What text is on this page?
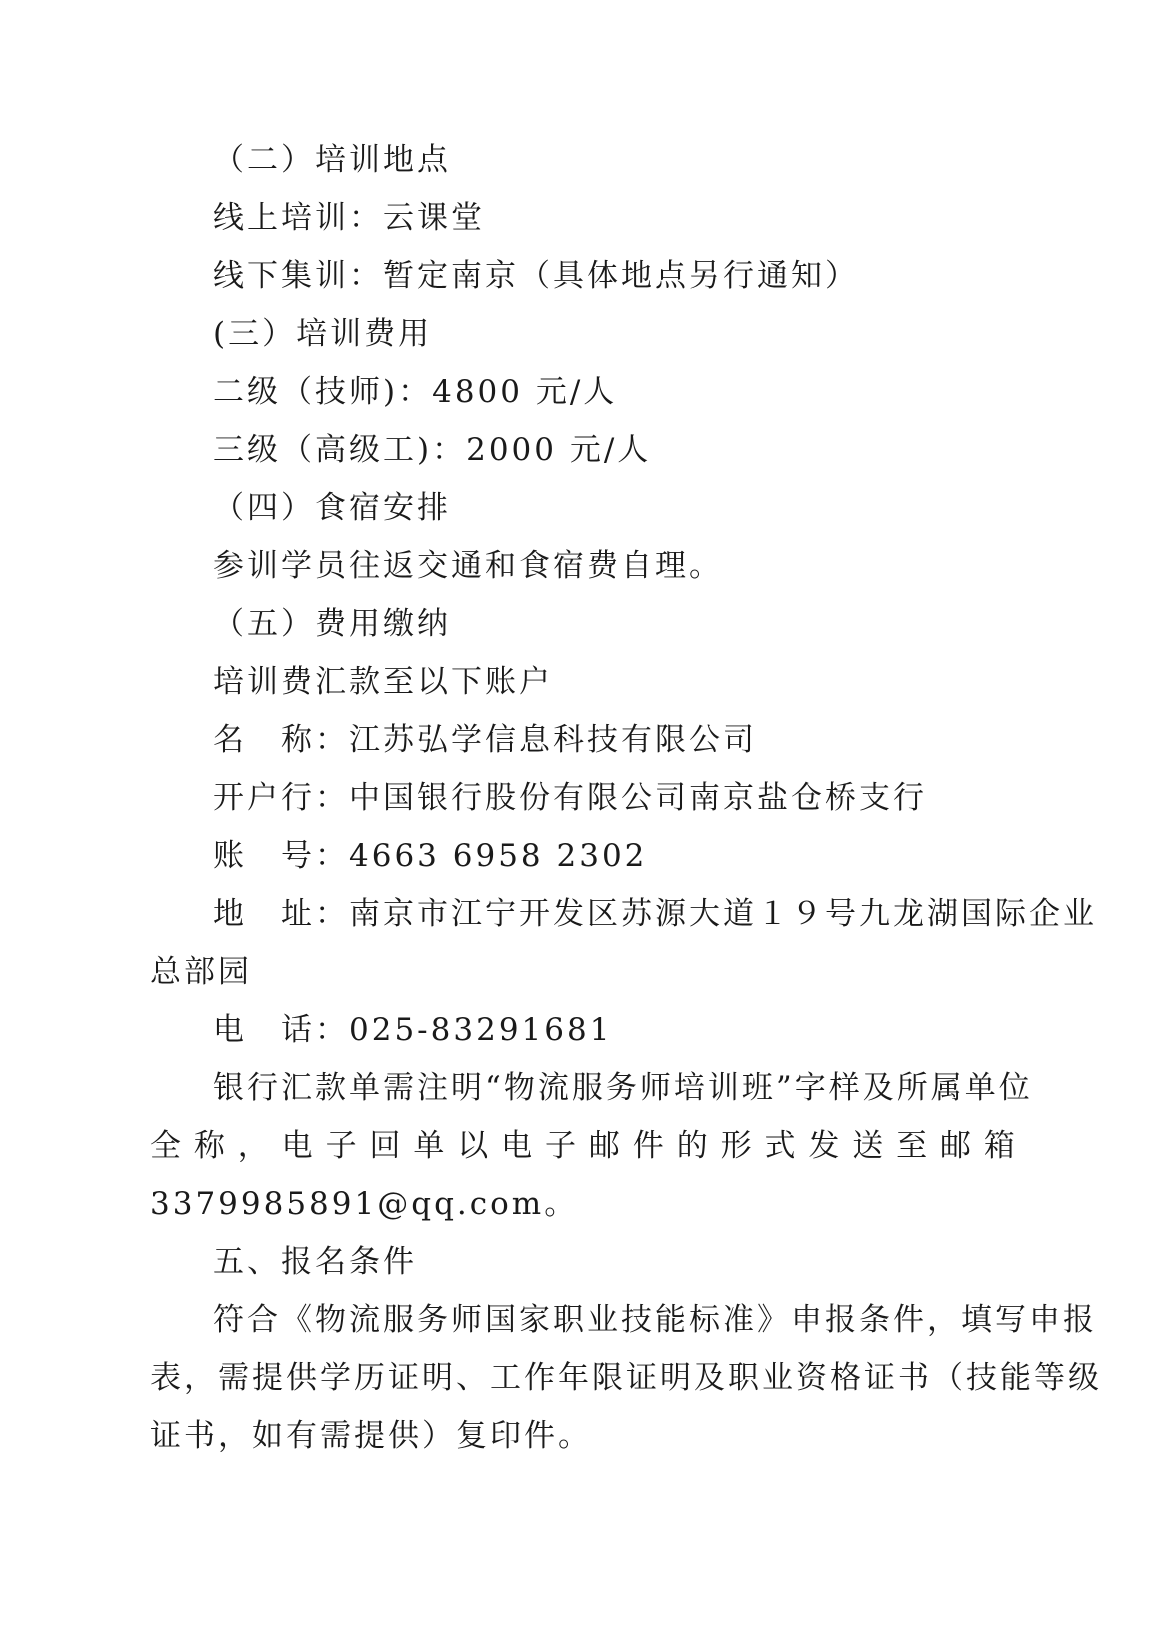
（二）培训地点
线上培训：云课堂
线下集训：暂定南京（具体地点另行通知）
(三）培训费用
二级（技师)：4800 元/人
三级（高级工)：2000 元/人
（四）食宿安排
参训学员往返交通和食宿费自理。
（五）费用缴纳
培训费汇款至以下账户
名　称：江苏弘学信息科技有限公司
开户行：中国银行股份有限公司南京盐仓桥支行
账　号：4663 6958 2302
地　址：南京市江宁开发区苏源大道１９号九龙湖国际企业
总部园
电　话：025-83291681
银行汇款单需注明“物流服务师培训班”字样及所属单位
全 称 ， 电 子 回 单 以 电 子 邮 件 的 形 式 发 送 至 邮 箱
3379985891@qq.com。
五、报名条件
符合《物流服务师国家职业技能标准》申报条件，填写申报
表，需提供学历证明、工作年限证明及职业资格证书（技能等级
证书，如有需提供）复印件。
